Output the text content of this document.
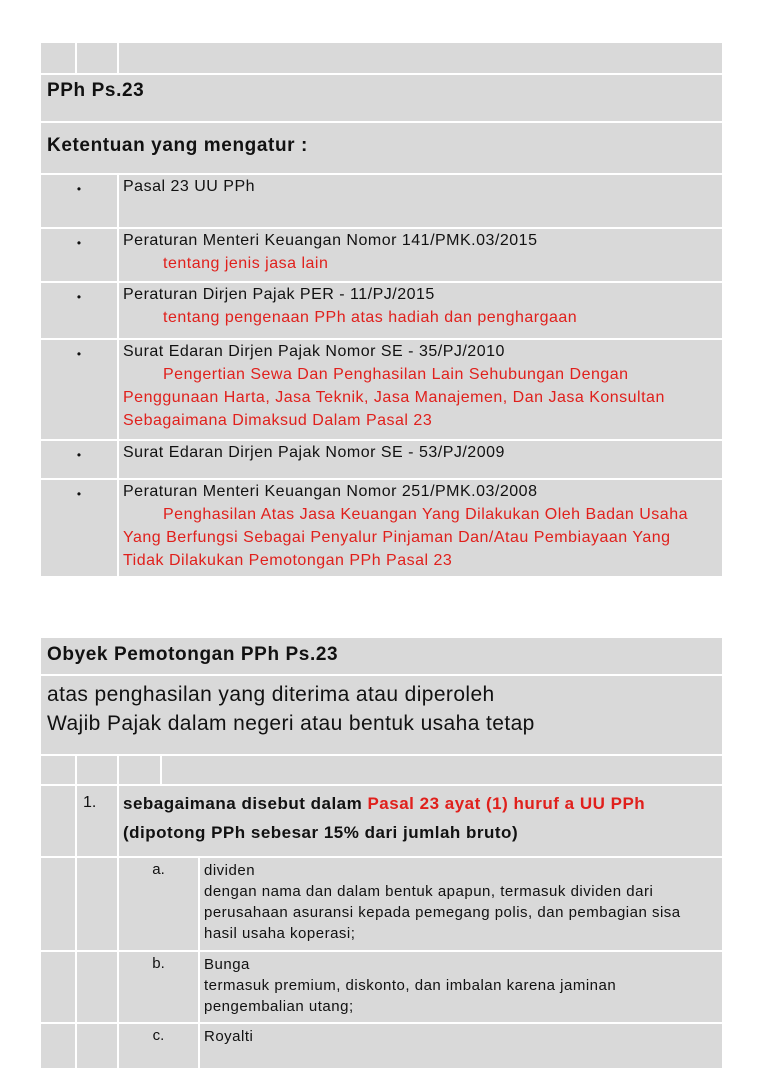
PPh Ps.23		

Ketentuan yang mengatur :		

•		Pasal 23 UU PPh

•		Peraturan Menteri Keuangan Nomor 141/PMK.03/2015
tentang jenis jasa lain

•		Peraturan Dirjen Pajak PER - 11/PJ/2015
tentang pengenaan PPh atas hadiah dan penghargaan

•		Surat Edaran Dirjen Pajak Nomor SE - 35/PJ/2010
Pengertian Sewa Dan Penghasilan Lain Sehubungan Dengan Penggunaan Harta, Jasa Teknik, Jasa Manajemen, Dan Jasa Konsultan Sebagaimana Dimaksud Dalam Pasal 23

•		Surat Edaran Dirjen Pajak Nomor SE - 53/PJ/2009

•		Peraturan Menteri Keuangan Nomor 251/PMK.03/2008
Penghasilan Atas Jasa Keuangan Yang Dilakukan Oleh Badan Usaha Yang Berfungsi Sebagai Penyalur Pinjaman Dan/Atau Pembiayaan Yang Tidak Dilakukan Pemotongan PPh Pasal 23
Obyek Pemotongan PPh Ps.23				

atas penghasilan yang diterima atau diperoleh
Wajib Pajak dalam negeri atau bentuk usaha tetap				

	1.	sebagaimana disebut dalam Pasal 23 ayat (1) huruf a UU PPh
(dipotong PPh sebesar 15% dari jumlah bruto)		

		a.		dividen
dengan nama dan dalam bentuk apapun, termasuk dividen dari perusahaan asuransi kepada pemegang polis, dan pembagian sisa hasil usaha koperasi;

		b.		Bunga
termasuk premium, diskonto, dan imbalan karena jaminan pengembalian utang;

		c.		Royalti
